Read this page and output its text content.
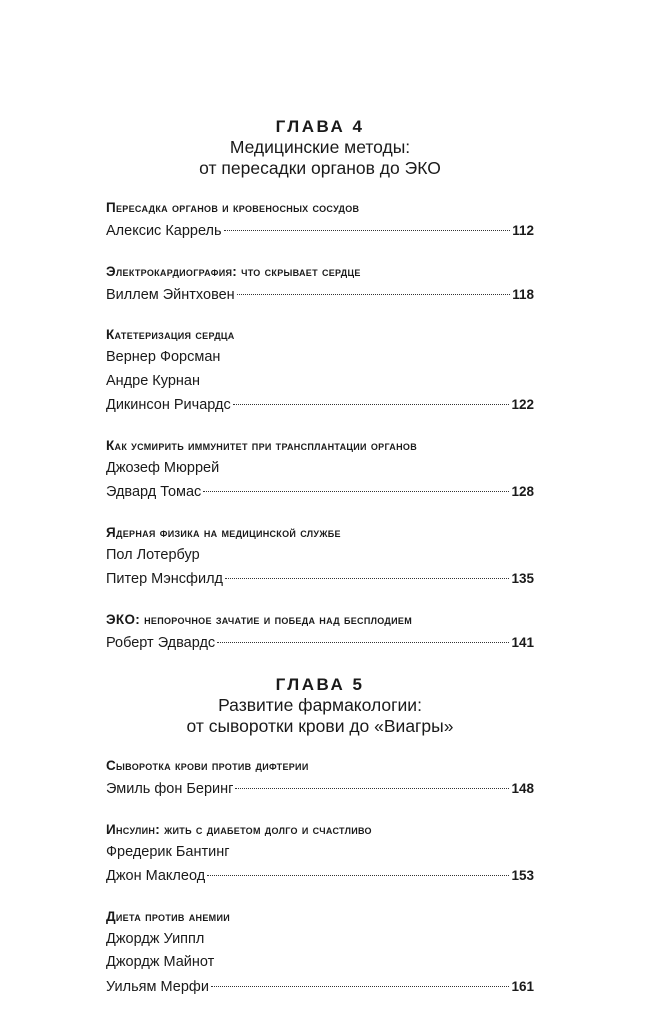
ГЛАВА 4
Медицинские методы:
от пересадки органов до ЭКО
Пересадка органов и кровеносных сосудов
Алексис Каррель	112
Электрокардиография: что скрывает сердце
Виллем Эйнтховен	118
Катетеризация сердца
Вернер Форсман
Андре Курнан
Дикинсон Ричардс	122
Как усмирить иммунитет при трансплантации органов
Джозеф Мюррей
Эдвард Томас	128
Ядерная физика на медицинской службе
Пол Лотербур
Питер Мэнсфилд	135
ЭКО: непорочное зачатие и победа над бесплодием
Роберт Эдвардс	141
ГЛАВА 5
Развитие фармакологии:
от сыворотки крови до «Виагры»
Сыворотка крови против дифтерии
Эмиль фон Беринг	148
Инсулин: жить с диабетом долго и счастливо
Фредерик Бантинг
Джон Маклеод	153
Диета против анемии
Джордж Уиппл
Джордж Майнот
Уильям Мерфи	161
